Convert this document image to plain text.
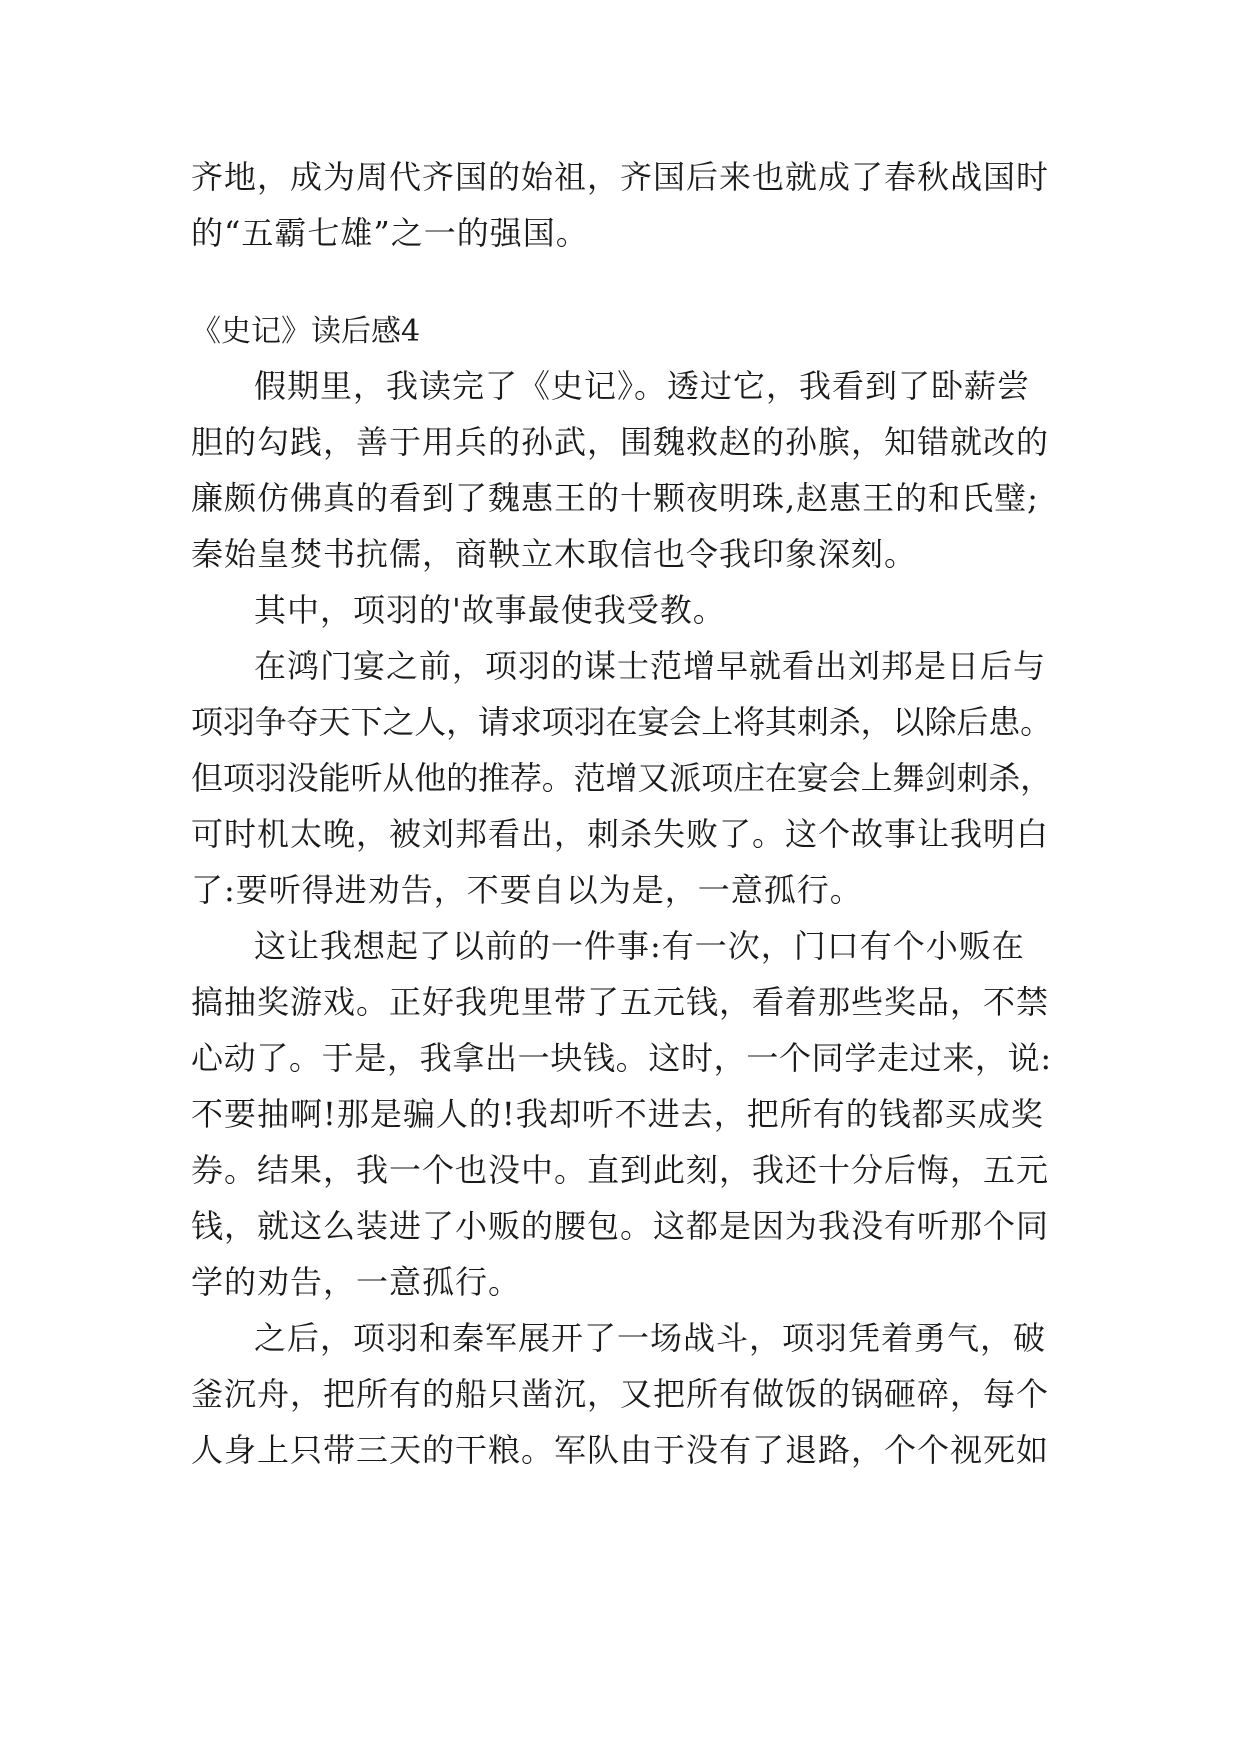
齐地，成为周代齐国的始祖，齐国后来也就成了春秋战国时

的“五霸七雄”之一的强国。

《史记》读后感4

假期里，我读完了《史记》。透过它，我看到了卧薪尝

胆的勾践，善于用兵的孙武，围魏救赵的孙膑，知错就改的

廉颇仿佛真的看到了魏惠王的十颗夜明珠,赵惠王的和氏璧;

秦始皇焚书抗儒，商鞅立木取信也令我印象深刻。

其中，项羽的'故事最使我受教。

在鸿门宴之前，项羽的谋士范增早就看出刘邦是日后与

项羽争夺天下之人，请求项羽在宴会上将其刺杀，以除后患。

但项羽没能听从他的推荐。范增又派项庄在宴会上舞剑刺杀，

可时机太晚，被刘邦看出，刺杀失败了。这个故事让我明白

了:要听得进劝告，不要自以为是，一意孤行。

这让我想起了以前的一件事:有一次，门口有个小贩在

搞抽奖游戏。正好我兜里带了五元钱，看着那些奖品，不禁

心动了。于是，我拿出一块钱。这时，一个同学走过来，说:

不要抽啊!那是骗人的!我却听不进去，把所有的钱都买成奖

券。结果，我一个也没中。直到此刻，我还十分后悔，五元

钱，就这么装进了小贩的腰包。这都是因为我没有听那个同

学的劝告，一意孤行。

之后，项羽和秦军展开了一场战斗，项羽凭着勇气，破

釜沉舟，把所有的船只凿沉，又把所有做饭的锅砸碎，每个

人身上只带三天的干粮。军队由于没有了退路，个个视死如
